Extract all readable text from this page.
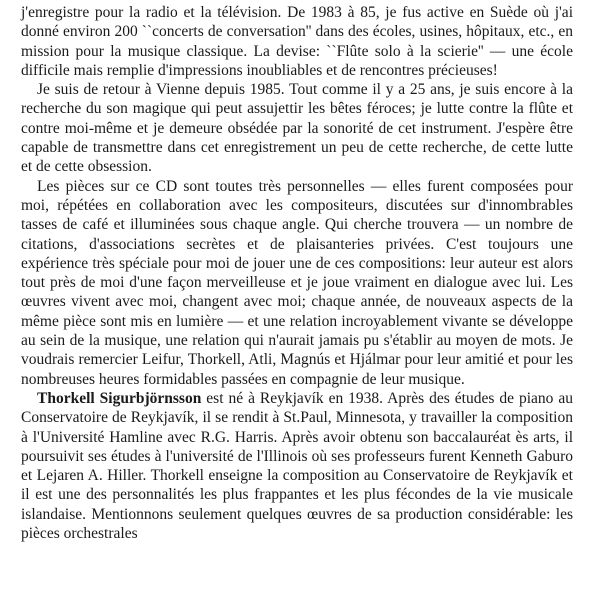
j'enregistre pour la radio et la télévision. De 1983 à 85, je fus active en Suède où j'ai donné environ 200 ``concerts de conversation'' dans des écoles, usines, hôpitaux, etc., en mission pour la musique classique. La devise: ``Flûte solo à la scierie'' — une école difficile mais remplie d'impressions inoubliables et de rencontres précieuses!

Je suis de retour à Vienne depuis 1985. Tout comme il y a 25 ans, je suis encore à la recherche du son magique qui peut assujettir les bêtes féroces; je lutte contre la flûte et contre moi-même et je demeure obsédée par la sonorité de cet instrument. J'espère être capable de transmettre dans cet enregistrement un peu de cette recherche, de cette lutte et de cette obsession.

Les pièces sur ce CD sont toutes très personnelles — elles furent composées pour moi, répétées en collaboration avec les compositeurs, discutées sur d'innombrables tasses de café et illuminées sous chaque angle. Qui cherche trouvera — un nombre de citations, d'associations secrètes et de plaisanteries privées. C'est toujours une expérience très spéciale pour moi de jouer une de ces compositions: leur auteur est alors tout près de moi d'une façon merveilleuse et je joue vraiment en dialogue avec lui. Les œuvres vivent avec moi, changent avec moi; chaque année, de nouveaux aspects de la même pièce sont mis en lumière — et une relation incroyablement vivante se développe au sein de la musique, une relation qui n'aurait jamais pu s'établir au moyen de mots. Je voudrais remercier Leifur, Thorkell, Atli, Magnús et Hjálmar pour leur amitié et pour les nombreuses heures formidables passées en compagnie de leur musique.

Thorkell Sigurbjörnsson est né à Reykjavík en 1938. Après des études de piano au Conservatoire de Reykjavík, il se rendit à St.Paul, Minnesota, y travailler la composition à l'Université Hamline avec R.G. Harris. Après avoir obtenu son baccalauréat ès arts, il poursuivit ses études à l'université de l'Illinois où ses professeurs furent Kenneth Gaburo et Lejaren A. Hiller. Thorkell enseigne la composition au Conservatoire de Reykjavík et il est une des personnalités les plus frappantes et les plus fécondes de la vie musicale islandaise. Mentionnons seulement quelques œuvres de sa production considérable: les pièces orchestrales
